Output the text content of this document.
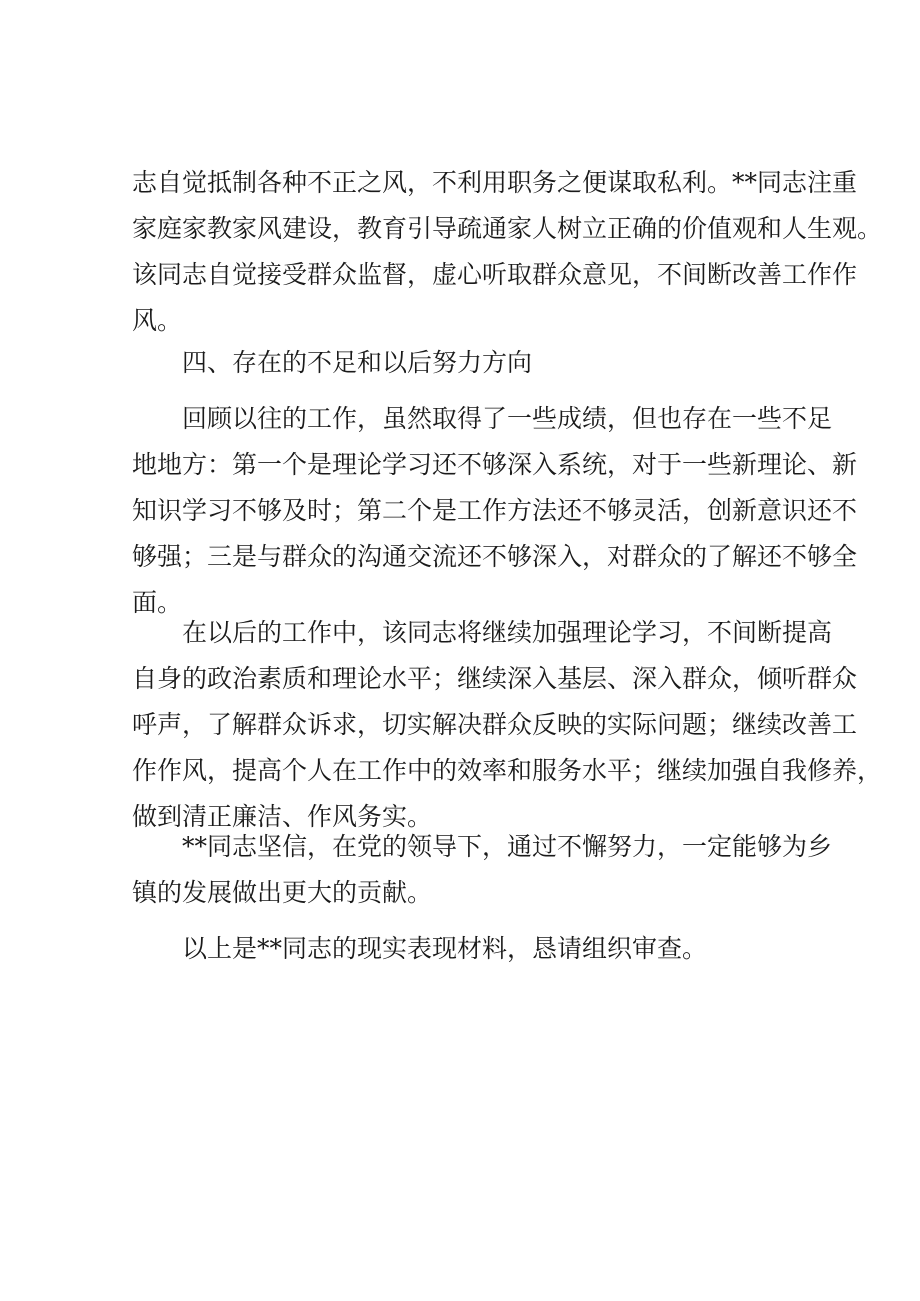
志自觉抵制各种不正之风，不利用职务之便谋取私利。**同志注重
家庭家教家风建设，教育引导疏通家人树立正确的价值观和人生观。
该同志自觉接受群众监督，虚心听取群众意见，不间断改善工作作
风。
四、存在的不足和以后努力方向
回顾以往的工作，虽然取得了一些成绩，但也存在一些不足
地地方：第一个是理论学习还不够深入系统，对于一些新理论、新
知识学习不够及时；第二个是工作方法还不够灵活，创新意识还不
够强；三是与群众的沟通交流还不够深入，对群众的了解还不够全
面。
在以后的工作中，该同志将继续加强理论学习，不间断提高
自身的政治素质和理论水平；继续深入基层、深入群众，倾听群众
呼声，了解群众诉求，切实解决群众反映的实际问题；继续改善工
作作风，提高个人在工作中的效率和服务水平；继续加强自我修养，
做到清正廉洁、作风务实。
**同志坚信，在党的领导下，通过不懈努力，一定能够为乡
镇的发展做出更大的贡献。
以上是**同志的现实表现材料，恳请组织审查。
